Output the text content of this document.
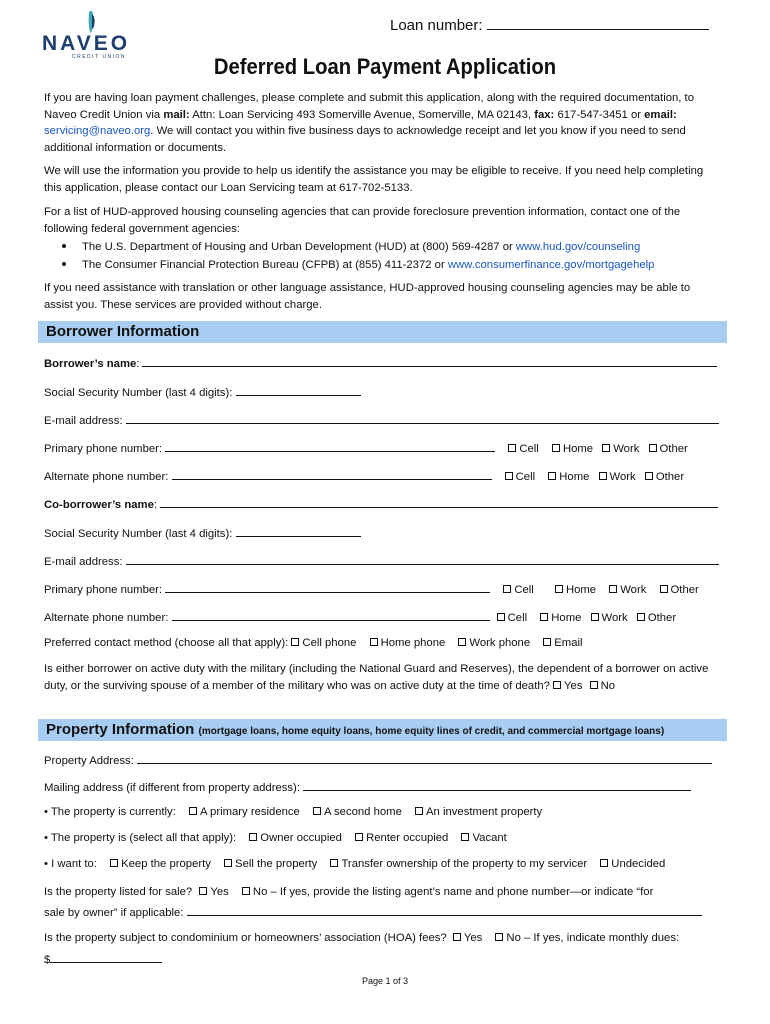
Loan number:
NAVEO
CREDIT UNION	Deferred Loan Payment Application

If you are having loan payment challenges, please complete and submit this application, along with the required documentation, to Naveo Credit Union via mail: Attn: Loan Servicing 493 Somerville Avenue, Somerville, MA 02143, fax: 617-547-3451 or email: servicing@naveo.org. We will contact you within five business days to acknowledge receipt and let you know if you need to send additional information or documents.

We will use the information you provide to help us identify the assistance you may be eligible to receive. If you need help completing this application, please contact our Loan Servicing team at 617-702-5133.

For a list of HUD-approved housing counseling agencies that can provide foreclosure prevention information, contact one of the following federal government agencies:

The U.S. Department of Housing and Urban Development (HUD) at (800) 569-4287 or www.hud.gov/counseling
The Consumer Financial Protection Bureau (CFPB) at (855) 411-2372 or www.consumerfinance.gov/mortgagehelp

If you need assistance with translation or other language assistance, HUD-approved housing counseling agencies may be able to assist you. These services are provided without charge.

Borrower Information
Borrower’s name:
Social Security Number (last 4 digits):
E-mail address:
Primary phone number:	Cell Home Work Other
Alternate phone number:	Cell Home Work Other
Co-borrower’s name:
Social Security Number (last 4 digits):
E-mail address:
Primary phone number:	Cell	Home Work Other
Alternate phone number:	Cell Home Work Other
Preferred contact method (choose all that apply): Cell phone Home phone Work phone Email

Is either borrower on active duty with the military (including the National Guard and Reserves), the dependent of a borrower on active duty, or the surviving spouse of a member of the military who was on active duty at the time of death? Yes No

Property Information (mortgage loans, home equity loans, home equity lines of credit, and commercial mortgage loans)
Property Address:
Mailing address (if different from property address):
• The property is currently: A primary residence A second home An investment property
• The property is (select all that apply): Owner occupied Renter occupied Vacant
• I want to: Keep the property Sell the property Transfer ownership of the property to my servicer Undecided
Is the property listed for sale? Yes No – If yes, provide the listing agent’s name and phone number—or indicate “for
sale by owner” if applicable:
Is the property subject to condominium or homeowners’ association (HOA) fees? Yes No – If yes, indicate monthly dues:
$
Page 1 of 3
